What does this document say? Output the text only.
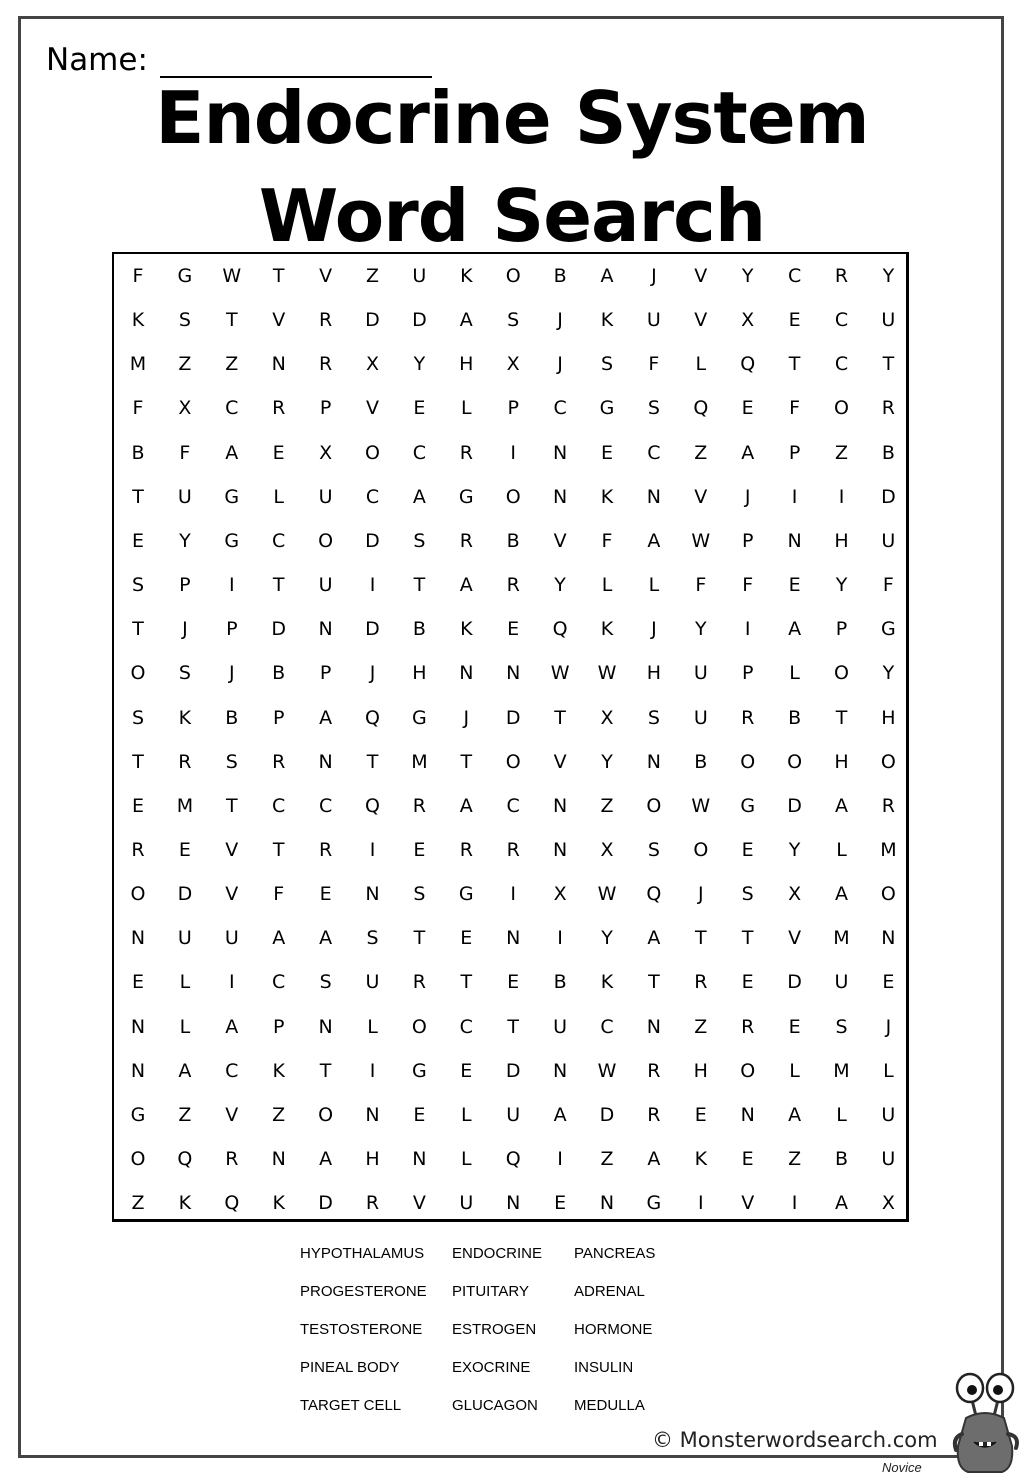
Name:
Endocrine System
Word Search
F	G	W	T	V	Z	U	K	O	B	A	J	V	Y	C	R	Y
K	S	T	V	R	D	D	A	S	J	K	U	V	X	E	C	U
M	Z	Z	N	R	X	Y	H	X	J	S	F	L	Q	T	C	T
F	X	C	R	P	V	E	L	P	C	G	S	Q	E	F	O	R
B	F	A	E	X	O	C	R	I	N	E	C	Z	A	P	Z	B
T	U	G	L	U	C	A	G	O	N	K	N	V	J	I	I	D
E	Y	G	C	O	D	S	R	B	V	F	A	W	P	N	H	U
S	P	I	T	U	I	T	A	R	Y	L	L	F	F	E	Y	F
T	J	P	D	N	D	B	K	E	Q	K	J	Y	I	A	P	G
O	S	J	B	P	J	H	N	N	W	W	H	U	P	L	O	Y
S	K	B	P	A	Q	G	J	D	T	X	S	U	R	B	T	H
T	R	S	R	N	T	M	T	O	V	Y	N	B	O	O	H	O
E	M	T	C	C	Q	R	A	C	N	Z	O	W	G	D	A	R
R	E	V	T	R	I	E	R	R	N	X	S	O	E	Y	L	M
O	D	V	F	E	N	S	G	I	X	W	Q	J	S	X	A	O
N	U	U	A	A	S	T	E	N	I	Y	A	T	T	V	M	N
E	L	I	C	S	U	R	T	E	B	K	T	R	E	D	U	E
N	L	A	P	N	L	O	C	T	U	C	N	Z	R	E	S	J
N	A	C	K	T	I	G	E	D	N	W	R	H	O	L	M	L
G	Z	V	Z	O	N	E	L	U	A	D	R	E	N	A	L	U
O	Q	R	N	A	H	N	L	Q	I	Z	A	K	E	Z	B	U
Z	K	Q	K	D	R	V	U	N	E	N	G	I	V	I	A	X
HYPOTHALAMUS
PROGESTERONE
TESTOSTERONE
PINEAL BODY
TARGET CELL
ENDOCRINE
PITUITARY
ESTROGEN
EXOCRINE
GLUCAGON
PANCREAS
ADRENAL
HORMONE
INSULIN
MEDULLA
© Monsterwordsearch.com
Novice
